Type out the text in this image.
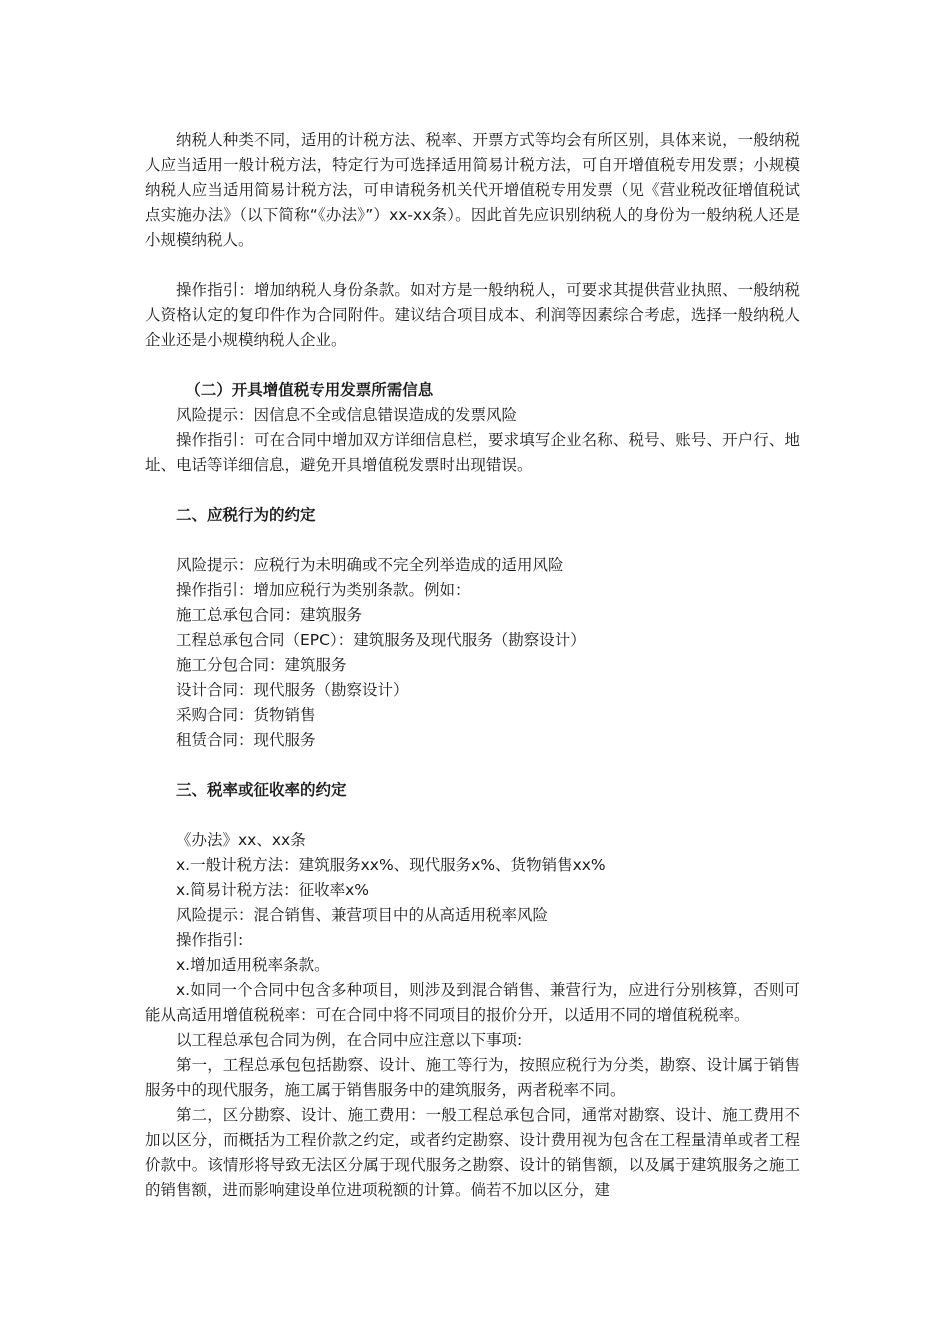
纳税人种类不同，适用的计税方法、税率、开票方式等均会有所区别，具体来说，一般纳税人应当适用一般计税方法，特定行为可选择适用简易计税方法，可自开增值税专用发票；小规模纳税人应当适用简易计税方法，可申请税务机关代开增值税专用发票（见《营业税改征增值税试点实施办法》（以下简称“《办法》”）xx-xx条）。因此首先应识别纳税人的身份为一般纳税人还是小规模纳税人。

操作指引：增加纳税人身份条款。如对方是一般纳税人，可要求其提供营业执照、一般纳税人资格认定的复印件作为合同附件。建议结合项目成本、利润等因素综合考虑，选择一般纳税人企业还是小规模纳税人企业。

（二）开具增值税专用发票所需信息

风险提示：因信息不全或信息错误造成的发票风险

操作指引：可在合同中增加双方详细信息栏，要求填写企业名称、税号、账号、开户行、地址、电话等详细信息，避免开具增值税发票时出现错误。

二、应税行为的约定

风险提示：应税行为未明确或不完全列举造成的适用风险

操作指引：增加应税行为类别条款。例如：

施工总承包合同：建筑服务

工程总承包合同（EPC）：建筑服务及现代服务（勘察设计）

施工分包合同：建筑服务

设计合同：现代服务（勘察设计）

采购合同：货物销售

租赁合同：现代服务

三、税率或征收率的约定

《办法》xx、xx条

x.一般计税方法：建筑服务xx%、现代服务x%、货物销售xx%

x.简易计税方法：征收率x%

风险提示：混合销售、兼营项目中的从高适用税率风险

操作指引:

x.增加适用税率条款。

x.如同一个合同中包含多种项目，则涉及到混合销售、兼营行为，应进行分别核算，否则可能从高适用增值税税率：可在合同中将不同项目的报价分开，以适用不同的增值税税率。

以工程总承包合同为例，在合同中应注意以下事项:

第一，工程总承包包括勘察、设计、施工等行为，按照应税行为分类，勘察、设计属于销售服务中的现代服务，施工属于销售服务中的建筑服务，两者税率不同。

第二，区分勘察、设计、施工费用：一般工程总承包合同，通常对勘察、设计、施工费用不加以区分，而概括为工程价款之约定，或者约定勘察、设计费用视为包含在工程量清单或者工程价款中。该情形将导致无法区分属于现代服务之勘察、设计的销售额，以及属于建筑服务之施工的销售额，进而影响建设单位进项税额的计算。倘若不加以区分，建
